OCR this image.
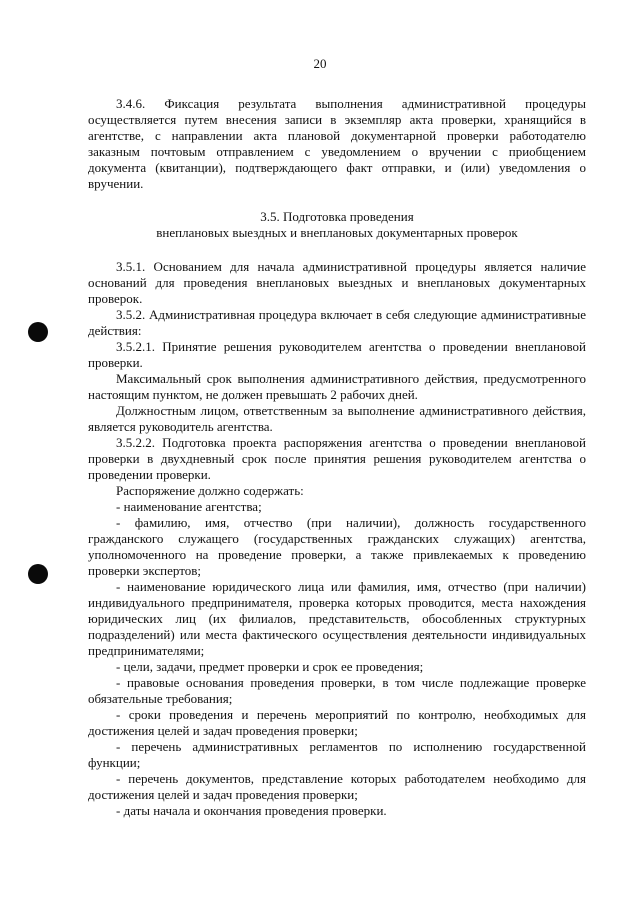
20

3.4.6. Фиксация результата выполнения административной процедуры осуществляется путем внесения записи в экземпляр акта проверки, хранящийся в агентстве, с направлении акта плановой документарной проверки работодателю заказным почтовым отправлением с уведомлением о вручении с приобщением документа (квитанции), подтверждающего факт отправки, и (или) уведомления о вручении.

3.5. Подготовка проведения
внеплановых выездных и внеплановых документарных проверок

3.5.1. Основанием для начала административной процедуры является наличие оснований для проведения внеплановых выездных и внеплановых документарных проверок.

3.5.2. Административная процедура включает в себя следующие административные действия:

3.5.2.1. Принятие решения руководителем агентства о проведении внеплановой проверки.

Максимальный срок выполнения административного действия, предусмотренного настоящим пунктом, не должен превышать 2 рабочих дней.

Должностным лицом, ответственным за выполнение административного действия, является руководитель агентства.

3.5.2.2. Подготовка проекта распоряжения агентства о проведении внеплановой проверки в двухдневный срок после принятия решения руководителем агентства о проведении проверки.

Распоряжение должно содержать:

- наименование агентства;

- фамилию, имя, отчество (при наличии), должность государственного гражданского служащего (государственных гражданских служащих) агентства, уполномоченного на проведение проверки, а также привлекаемых к проведению проверки экспертов;

- наименование юридического лица или фамилия, имя, отчество (при наличии) индивидуального предпринимателя, проверка которых проводится, места нахождения юридических лиц (их филиалов, представительств, обособленных структурных подразделений) или места фактического осуществления деятельности индивидуальных предпринимателями;

- цели, задачи, предмет проверки и срок ее проведения;

- правовые основания проведения проверки, в том числе подлежащие проверке обязательные требования;

- сроки проведения и перечень мероприятий по контролю, необходимых для достижения целей и задач проведения проверки;

- перечень административных регламентов по исполнению государственной функции;

- перечень документов, представление которых работодателем необходимо для достижения целей и задач проведения проверки;

- даты начала и окончания проведения проверки.
